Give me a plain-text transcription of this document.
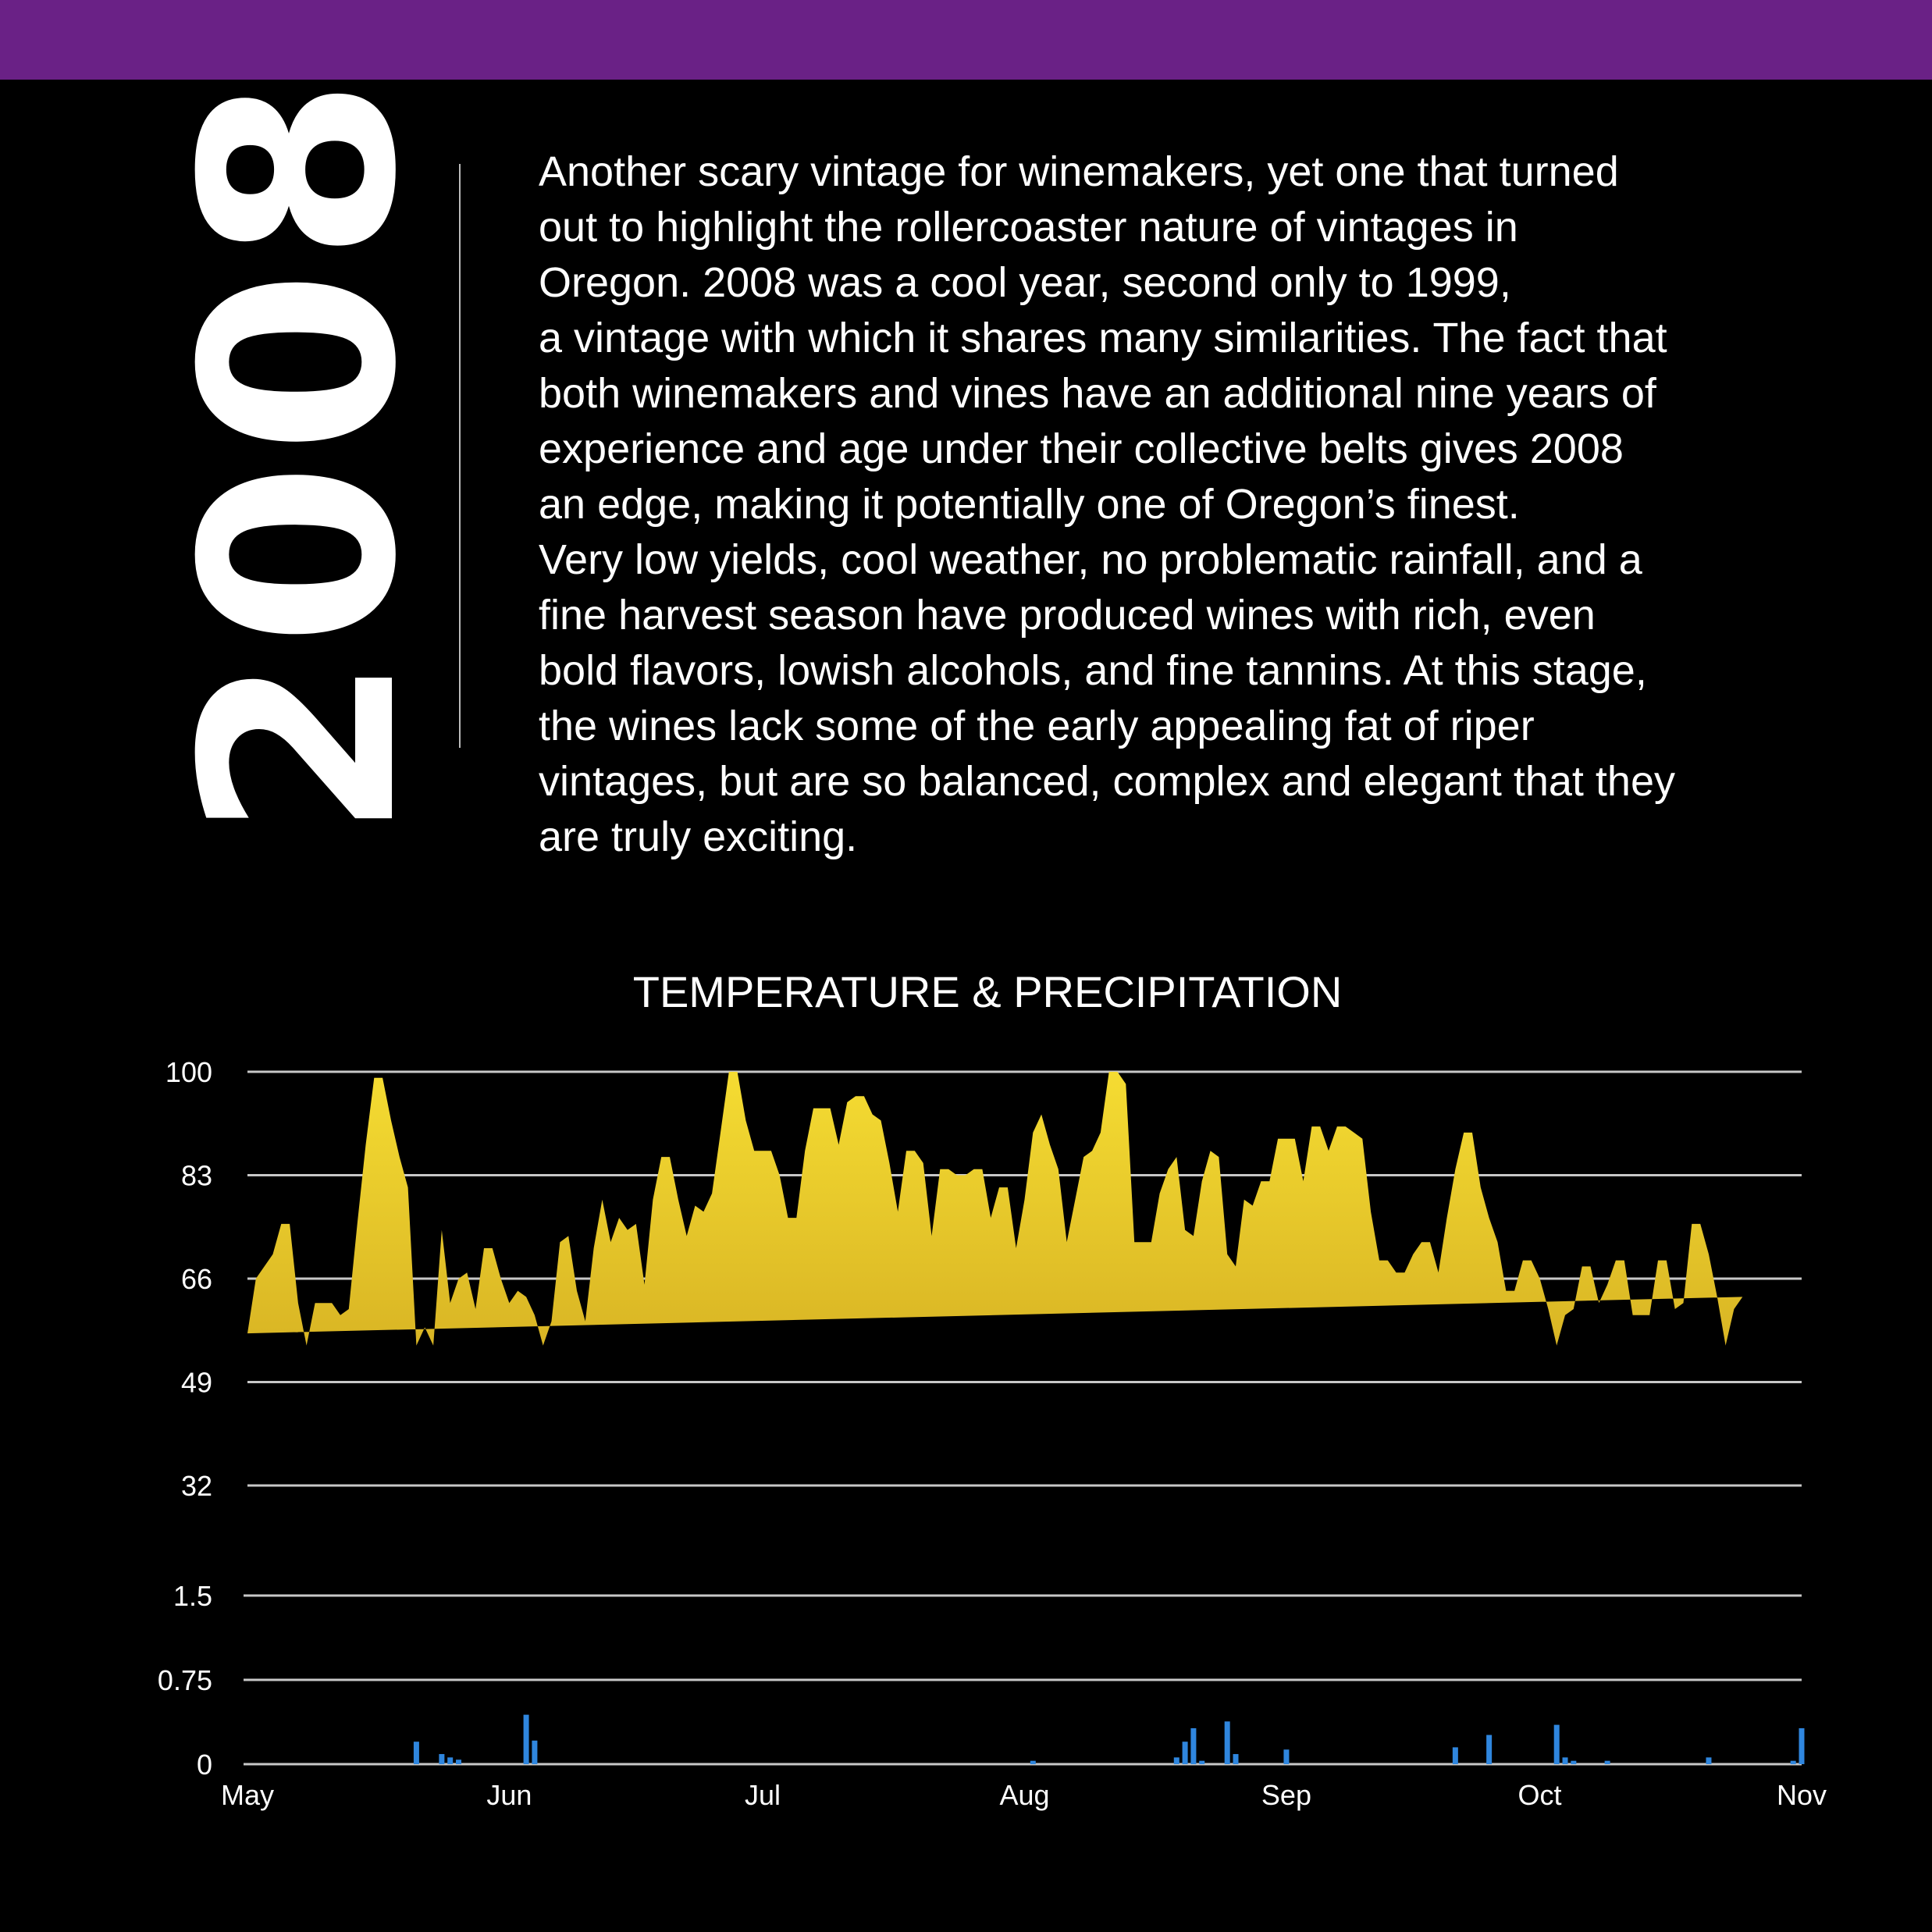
2008 Another scary vintage for winemakers, yet one that turned
out to highlight the rollercoaster nature of vintages in
Oregon. 2008 was a cool year, second only to 1999,
a vintage with which it shares many similarities. The fact that
both winemakers and vines have an additional nine years of
experience and age under their collective belts gives 2008
an edge, making it potentially one of Oregon’s finest.
Very low yields, cool weather, no problematic rainfall, and a
fine harvest season have produced wines with rich, even
bold flavors, lowish alcohols, and fine tannins. At this stage,
the wines lack some of the early appealing fat of riper
vintages, but are so balanced, complex and elegant that they
are truly exciting.

TEMPERATURE & PRECIPITATION
100
83
66
49
32
1.5
0.75
0
May	Jun	Jul	Aug	Sep	Oct	Nov
